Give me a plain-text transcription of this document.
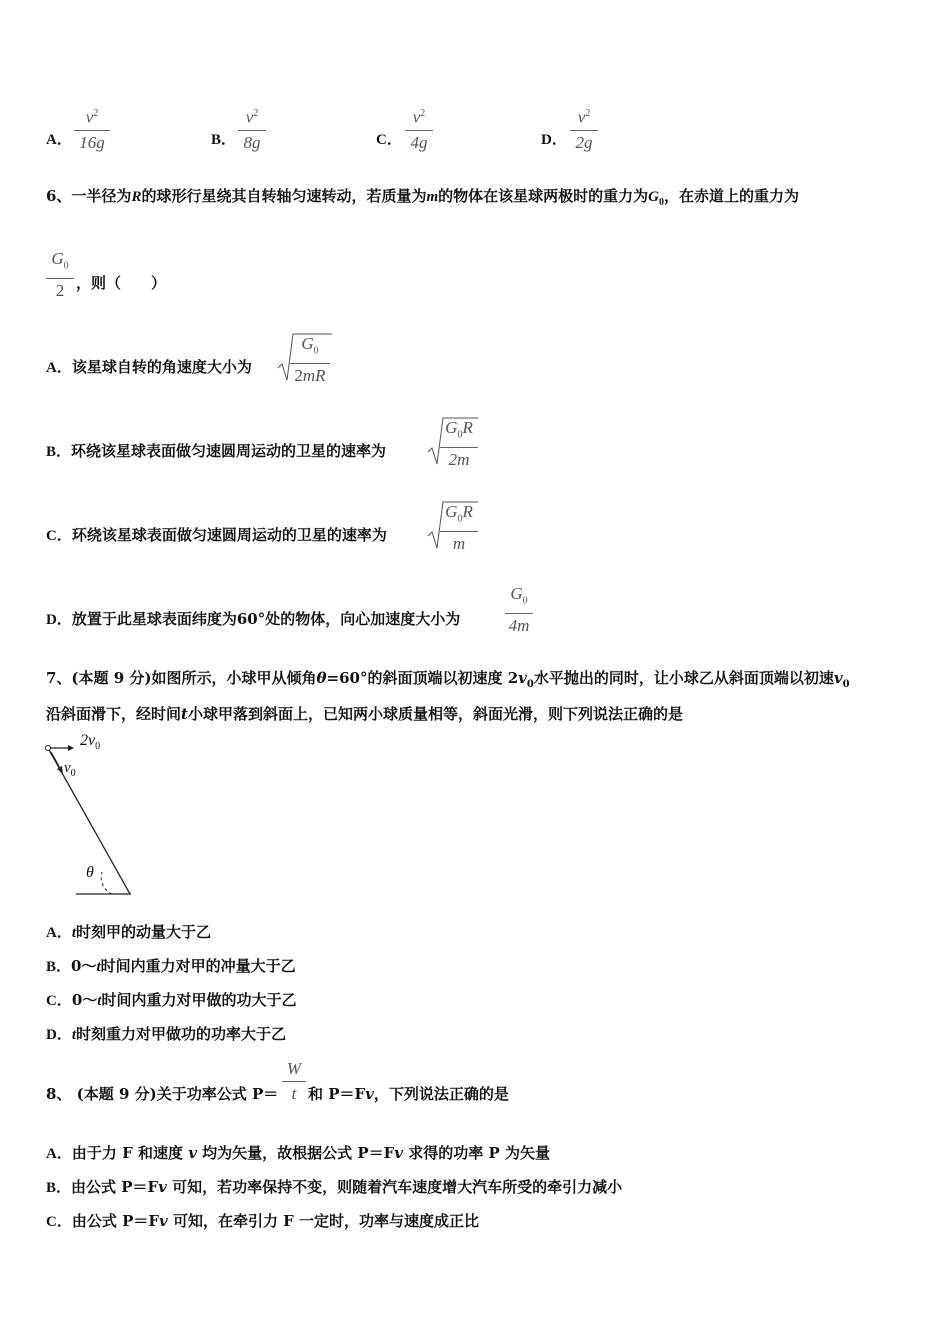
A．
$v^2$
16g	B．
$v^2$
8g	C．
$v^2$
4g	D．
$v^2$
2g
6、一半径为R的球形行星绕其自转轴匀速转动，若质量为m的物体在该星球两极时的重力为$G_0$，在赤道上的重力为
$G_0$
2 ，则（　　）
A．该星球自转的角速度大小为
$G_0$
2mR
B．环绕该星球表面做匀速圆周运动的卫星的速率为
$G_0R$
2m
C．环绕该星球表面做匀速圆周运动的卫星的速率为
$G_0R$
m
D．放置于此星球表面纬度为60°处的物体，向心加速度大小为
$G_0$
4m
7、(本题 9 分)如图所示，小球甲从倾角θ=60°的斜面顶端以初速度 $2v_0$水平抛出的同时，让小球乙从斜面顶端以初速$v_0$
沿斜面滑下，经时间t小球甲落到斜面上，已知两小球质量相等，斜面光滑，则下列说法正确的是
$2v_0$
$v_0$
θ
A．t时刻甲的动量大于乙
B．0～t时间内重力对甲的冲量大于乙
C．0～t时间内重力对甲做的功大于乙
D．t时刻重力对甲做功的功率大于乙
8、 (本题 9 分)关于功率公式 P＝
W
t 和 P＝Fv，下列说法正确的是
A．由于力 F 和速度 v 均为矢量，故根据公式 P＝Fv 求得的功率 P 为矢量
B．由公式 P＝Fv 可知，若功率保持不变，则随着汽车速度增大汽车所受的牵引力减小
C．由公式 P＝Fv 可知，在牵引力 F 一定时，功率与速度成正比
